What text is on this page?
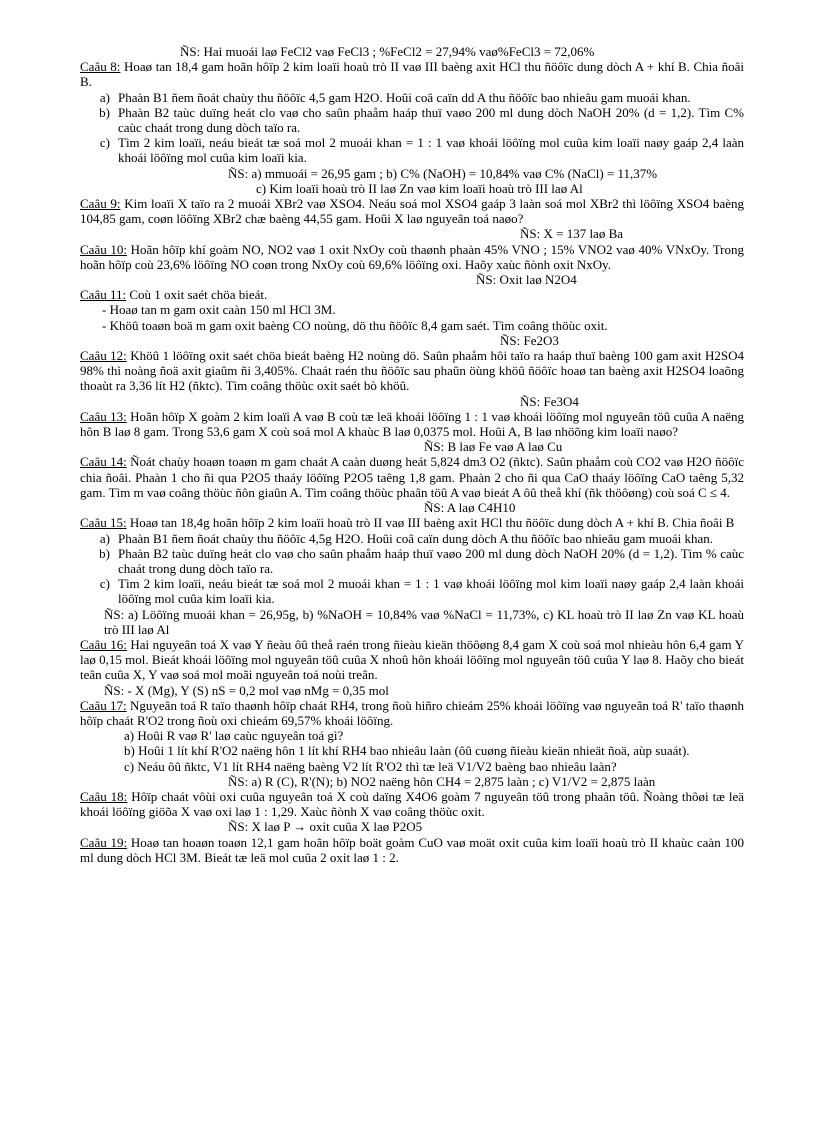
ÑS: Hai muoái laø FeCl2 vaø FeCl3 ; %FeCl2 = 27,94% vaø%FeCl3 = 72,06%

Caâu 8: Hoaø tan 18,4 gam hoãn hôïp 2 kim loaïi hoaù trò II vaø III baèng axit HCl thu ñöôïc dung dòch A + khí B. Chia ñoâi B.

a) Phaàn B1 ñem ñoát chaùy thu ñöôïc 4,5 gam H2O. Hoûi coâ caïn dd A thu ñöôïc bao nhieâu gam muoái khan.
b) Phaàn B2 taùc duïng heát clo vaø cho saûn phaåm haáp thuï vaøo 200 ml dung dòch NaOH 20% (d = 1,2). Tìm C% caùc chaát trong dung dòch taïo ra.
c) Tìm 2 kim loaïi, neáu bieát tæ soá mol 2 muoái khan = 1 : 1 vaø khoái löôïng mol cuûa kim loaïi naøy gaáp 2,4 laàn khoái löôïng mol cuûa kim loaïi kia.

ÑS: a) mmuoái = 26,95 gam ; b) C% (NaOH) = 10,84% vaø C% (NaCl) = 11,37%

c) Kim loaïi hoaù trò II laø Zn vaø kim loaïi hoaù trò III laø Al

Caâu 9: Kim loaïi X taïo ra 2 muoái XBr2 vaø XSO4. Neáu soá mol XSO4 gaáp 3 laàn soá mol XBr2 thì löôïng XSO4 baèng 104,85 gam, coøn löôïng XBr2 chæ baèng 44,55 gam. Hoûi X laø nguyeân toá naøo?

ÑS: X = 137 laø Ba

Caâu 10: Hoãn hôïp khí goàm NO, NO2 vaø 1 oxit NxOy coù thaønh phaàn 45% VNO ; 15% VNO2 vaø 40% VNxOy. Trong hoãn hôïp coù 23,6% löôïng NO coøn trong NxOy coù 69,6% löôïng oxi. Haõy xaùc ñònh oxit NxOy.

ÑS: Oxit laø N2O4

Caâu 11: Coù 1 oxit saét chöa bieát.

- Hoaø tan m gam oxit caàn 150 ml HCl 3M.

- Khöû toaøn boä m gam oxit baèng CO noùng, dö thu ñöôïc 8,4 gam saét. Tìm coâng thöùc oxit.

ÑS: Fe2O3

Caâu 12: Khöû 1 löôïng oxit saét chöa bieát baèng H2 noùng dö. Saûn phaåm hôi taïo ra haáp thuï baèng 100 gam axit H2SO4 98% thì noàng ñoä axit giaûm ñi 3,405%. Chaát raén thu ñöôïc sau phaûn öùng khöû ñöôïc hoaø tan baèng axit H2SO4 loaõng thoaùt ra 3,36 lít H2 (ñktc). Tìm coâng thöùc oxit saét bò khöû.

ÑS: Fe3O4

Caâu 13: Hoãn hôïp X goàm 2 kim loaïi A vaø B coù tæ leä khoái löôïng 1 : 1 vaø khoái löôïng mol nguyeân töû cuûa A naëng hôn B laø 8 gam. Trong 53,6 gam X coù soá mol A khaùc B laø 0,0375 mol. Hoûi A, B laø nhöõng kim loaïi naøo?

ÑS: B laø Fe vaø A laø Cu

Caâu 14: Ñoát chaùy hoaøn toaøn m gam chaát A caàn duøng heát 5,824 dm3 O2 (ñktc). Saûn phaåm coù CO2 vaø H2O ñöôïc chia ñoâi. Phaàn 1 cho ñi qua P2O5 thaáy löôïng P2O5 taêng 1,8 gam. Phaàn 2 cho ñi qua CaO thaáy löôïng CaO taêng 5,32 gam. Tìm m vaø coâng thöùc ñôn giaûn A. Tìm coâng thöùc phaân töû A vaø bieát A ôû theå khí (ñk thöôøng) coù soá C ≤ 4.

ÑS: A laø C4H10

Caâu 15: Hoaø tan 18,4g hoãn hôïp 2 kim loaïi hoaù trò II vaø III baèng axit HCl thu ñöôïc dung dòch A + khí B. Chia ñoâi B

a) Phaàn B1 ñem ñoát chaùy thu ñöôïc 4,5g H2O. Hoûi coâ caïn dung dòch A thu ñöôïc bao nhieâu gam muoái khan.
b) Phaàn B2 taùc duïng heát clo vaø cho saûn phaåm haáp thuï vaøo 200 ml dung dòch NaOH 20% (d = 1,2). Tìm % caùc chaát trong dung dòch taïo ra.
c) Tìm 2 kim loaïi, neáu bieát tæ soá mol 2 muoái khan = 1 : 1 vaø khoái löôïng mol kim loaïi naøy gaáp 2,4 laàn khoái löôïng mol cuûa kim loaïi kia.

ÑS: a) Löôïng muoái khan = 26,95g, b) %NaOH = 10,84% vaø %NaCl = 11,73%, c) KL hoaù trò II laø Zn vaø KL hoaù trò III laø Al

Caâu 16: Hai nguyeân toá X vaø Y ñeàu ôû theå raén trong ñieàu kieän thöôøng 8,4 gam X coù soá mol nhieàu hôn 6,4 gam Y laø 0,15 mol. Bieát khoái löôïng mol nguyeân töû cuûa X nhoû hôn khoái löôïng mol nguyeân töû cuûa Y laø 8. Haõy cho bieát teân cuûa X, Y vaø soá mol moãi nguyeân toá noùi treân.

ÑS: - X (Mg), Y (S) nS = 0,2 mol vaø nMg = 0,35 mol

Caâu 17: Nguyeân toá R taïo thaønh hôïp chaát RH4, trong ñoù hiñro chieám 25% khoái löôïng vaø nguyeân toá R' taïo thaønh hôïp chaát R'O2 trong ñoù oxi chieám 69,57% khoái löôïng.

a) Hoûi R vaø R' laø caùc nguyeân toá gì?

b) Hoûi 1 lít khí R'O2 naëng hôn 1 lít khí RH4 bao nhieâu laàn (ôû cuøng ñieàu kieän nhieät ñoä, aùp suaát).

c) Neáu ôû ñktc, V1 lít RH4 naëng baèng V2 lít R'O2 thì tæ leä V1/V2 baèng bao nhieâu laàn?

ÑS: a) R (C), R'(N); b) NO2 naëng hôn CH4 = 2,875 laàn ; c) V1/V2 = 2,875 laàn

Caâu 18: Hôïp chaát vôùi oxi cuûa nguyeân toá X coù daïng X4O6 goàm 7 nguyeân töû trong phaân töû. Ñoàng thôøi tæ leä khoái löôïng giöõa X vaø oxi laø 1 : 1,29. Xaùc ñònh X vaø coâng thöùc oxit.

ÑS: X laø P → oxit cuûa X laø P2O5

Caâu 19: Hoaø tan hoaøn toaøn 12,1 gam hoãn hôïp boät goàm CuO vaø moät oxit cuûa kim loaïi hoaù trò II khaùc caàn 100 ml dung dòch HCl 3M. Bieát tæ leä mol cuûa 2 oxit laø 1 : 2.
